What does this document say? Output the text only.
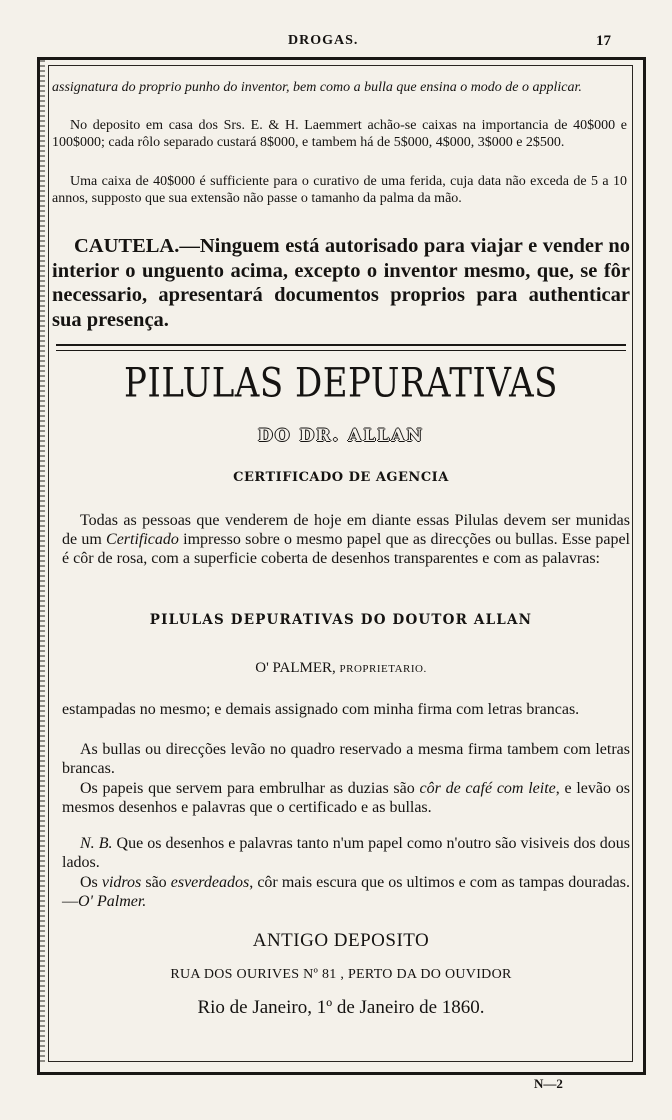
DROGAS.	17

assignatura do proprio punho do inventor, bem como a bulla que ensina o modo de o applicar.

No deposito em casa dos Srs. E. & H. Laemmert achão-se caixas na importancia de 40$000 e 100$000; cada rôlo separado custará 8$000, e tambem há de 5$000, 4$000, 3$000 e 2$500.

Uma caixa de 40$000 é sufficiente para o curativo de uma ferida, cuja data não exceda de 5 a 10 annos, supposto que sua extensão não passe o tamanho da palma da mão.

CAUTELA.—Ninguem está autorisado para viajar e vender no interior o unguento acima, excepto o inventor mesmo, que, se fôr necessario, apresentará documentos proprios para authenticar sua presença.

PILULAS DEPURATIVAS
DO DR. ALLAN
CERTIFICADO DE AGENCIA

Todas as pessoas que venderem de hoje em diante essas Pilulas devem ser munidas de um Certificado impresso sobre o mesmo papel que as direcções ou bullas. Esse papel é côr de rosa, com a superficie coberta de desenhos transparentes e com as palavras:

PILULAS DEPURATIVAS DO DOUTOR ALLAN
O' PALMER, PROPRIETARIO.

estampadas no mesmo; e demais assignado com minha firma com letras brancas.

As bullas ou direcções levão no quadro reservado a mesma firma tambem com letras brancas.

Os papeis que servem para embrulhar as duzias são côr de café com leite, e levão os mesmos desenhos e palavras que o certificado e as bullas.

N. B. Que os desenhos e palavras tanto n'um papel como n'outro são visiveis dos dous lados.

Os vidros são esverdeados, côr mais escura que os ultimos e com as tampas douradas.—O' Palmer.

ANTIGO DEPOSITO
RUA DOS OURIVES Nº 81 , PERTO DA DO OUVIDOR
Rio de Janeiro, 1º de Janeiro de 1860.
N—2
